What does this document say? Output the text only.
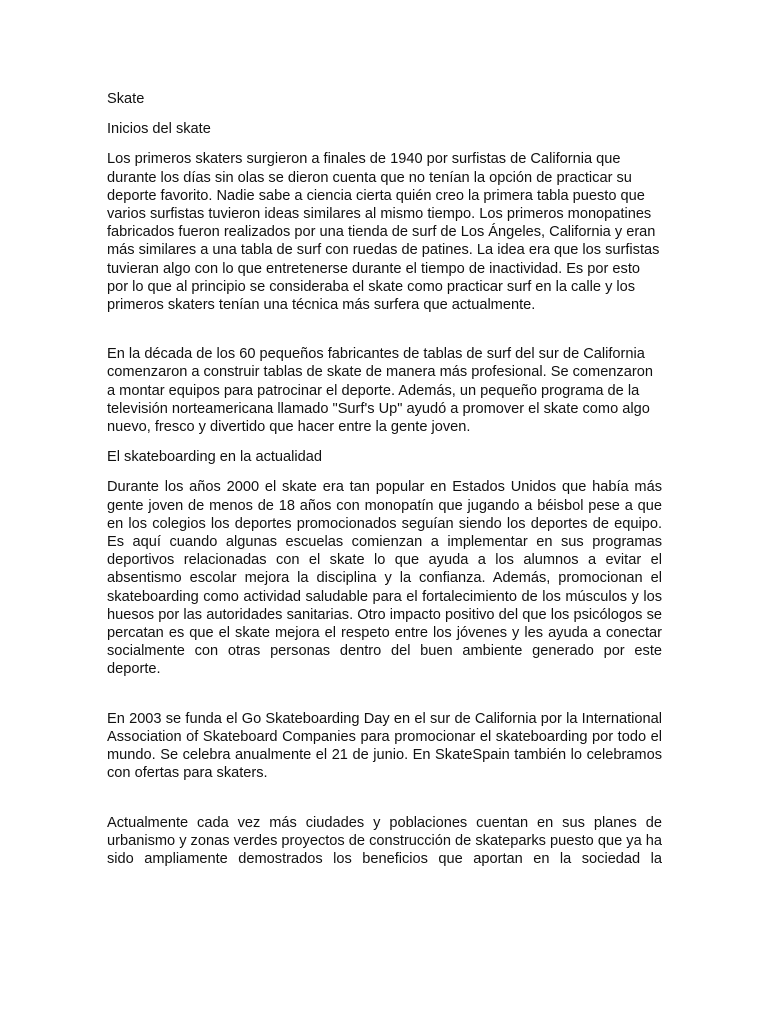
Skate

Inicios del skate

Los primeros skaters surgieron a finales de 1940 por surfistas de California que durante los días sin olas se dieron cuenta que no tenían la opción de practicar su deporte favorito. Nadie sabe a ciencia cierta quién creo la primera tabla puesto que varios surfistas tuvieron ideas similares al mismo tiempo. Los primeros monopatines fabricados fueron realizados por una tienda de surf de Los Ángeles, California y eran más similares a una tabla de surf con ruedas de patines. La idea era que los surfistas tuvieran algo con lo que entretenerse durante el tiempo de inactividad. Es por esto por lo que al principio se consideraba el skate como practicar surf en la calle y los primeros skaters tenían una técnica más surfera que actualmente.

En la década de los 60 pequeños fabricantes de tablas de surf del sur de California comenzaron a construir tablas de skate de manera más profesional. Se comenzaron a montar equipos para patrocinar el deporte. Además, un pequeño programa de la televisión norteamericana llamado "Surf's Up" ayudó a promover el skate como algo nuevo, fresco y divertido que hacer entre la gente joven.

El skateboarding en la actualidad

Durante los años 2000 el skate era tan popular en Estados Unidos que había más gente joven de menos de 18 años con monopatín que jugando a béisbol pese a que en los colegios los deportes promocionados seguían siendo los deportes de equipo. Es aquí cuando algunas escuelas comienzan a implementar en sus programas deportivos relacionadas con el skate lo que ayuda a los alumnos a evitar el absentismo escolar mejora la disciplina y la confianza. Además, promocionan el skateboarding como actividad saludable para el fortalecimiento de los músculos y los huesos por las autoridades sanitarias. Otro impacto positivo del que los psicólogos se percatan es que el skate mejora el respeto entre los jóvenes y les ayuda a conectar socialmente con otras personas dentro del buen ambiente generado por este deporte.

En 2003 se funda el Go Skateboarding Day en el sur de California por la International Association of Skateboard Companies para promocionar el skateboarding por todo el mundo. Se celebra anualmente el 21 de junio. En SkateSpain también lo celebramos con ofertas para skaters.

Actualmente cada vez más ciudades y poblaciones cuentan en sus planes de urbanismo y zonas verdes proyectos de construcción de skateparks puesto que ya ha sido ampliamente demostrados los beneficios que aportan en la sociedad la
